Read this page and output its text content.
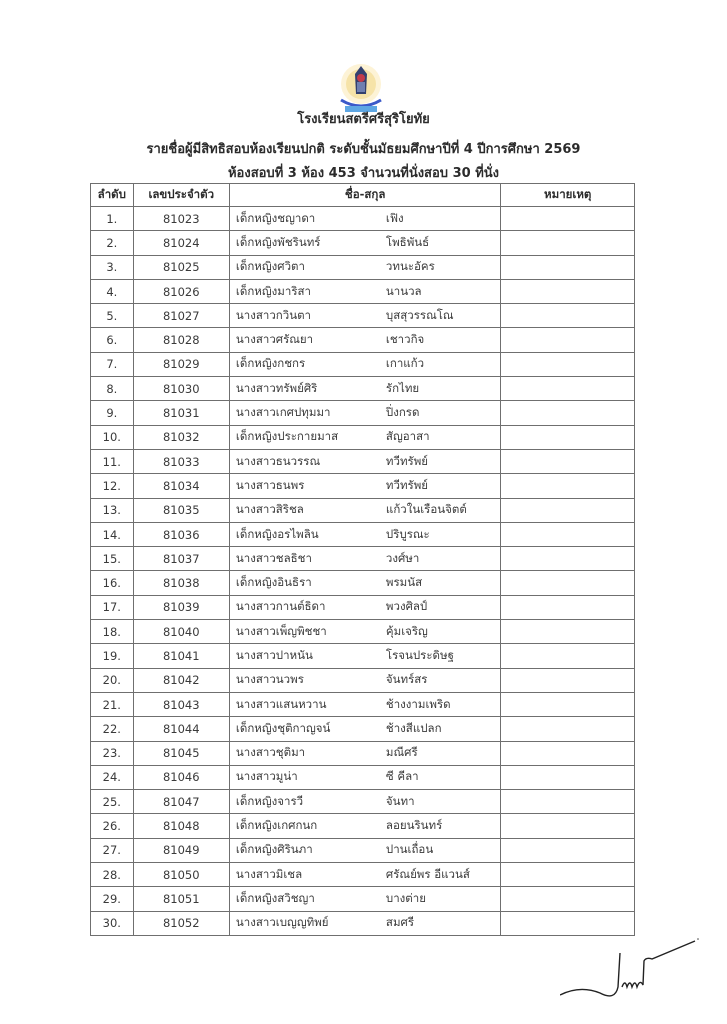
โรงเรียนสตรีศรีสุริโยทัย
รายชื่อผู้มีสิทธิสอบห้องเรียนปกติ ระดับชั้นมัธยมศึกษาปีที่ 4 ปีการศึกษา 2569
ห้องสอบที่ 3 ห้อง 453 จำนวนที่นั่งสอบ 30 ที่นั่ง
ลำดับ	เลขประจำตัว	ชื่อ-สกุล	หมายเหตุ
1.	81023	เด็กหญิงชญาดา เฟิง	
2.	81024	เด็กหญิงพัชรินทร์ โพธิพันธ์	
3.	81025	เด็กหญิงศวิตา วทนะอัคร	
4.	81026	เด็กหญิงมาริสา นานวล	
5.	81027	นางสาวกวินตา บุสสุวรรณโณ	
6.	81028	นางสาวศรัณยา เชาวกิจ	
7.	81029	เด็กหญิงกชกร เกาแก้ว	
8.	81030	นางสาวทรัพย์ศิริ รักไทย	
9.	81031	นางสาวเกศปทุมมา ปิ่งกรด	
10.	81032	เด็กหญิงประกายมาส สัญอาสา	
11.	81033	นางสาวธนวรรณ ทวีทรัพย์	
12.	81034	นางสาวธนพร ทวีทรัพย์	
13.	81035	นางสาวสิริชล แก้วในเรือนจิตต์	
14.	81036	เด็กหญิงอรไพลิน ปริบูรณะ	
15.	81037	นางสาวชลธิชา วงศ์ษา	
16.	81038	เด็กหญิงอินธิรา พรมนัส	
17.	81039	นางสาวกานต์ธิดา พวงศิลป์	
18.	81040	นางสาวเพ็ญพิชชา คุ้มเจริญ	
19.	81041	นางสาวปาหนัน โรจนประดิษฐ	
20.	81042	นางสาวนวพร จันทร์สร	
21.	81043	นางสาวแสนหวาน ช้างงามเพริด	
22.	81044	เด็กหญิงชุติกาญจน์ ช้างสีแปลก	
23.	81045	นางสาวชุติมา มณีศรี	
24.	81046	นางสาวมูน่า ซี คีลา	
25.	81047	เด็กหญิงจารวี จันทา	
26.	81048	เด็กหญิงเกศกนก ลอยนรินทร์	
27.	81049	เด็กหญิงศิรินภา ปานเถื่อน	
28.	81050	นางสาวมิเชล ศรัณย์พร อีแวนส์	
29.	81051	เด็กหญิงสวิชญา บางต่าย	
30.	81052	นางสาวเบญญทิพย์ สมศรี	
